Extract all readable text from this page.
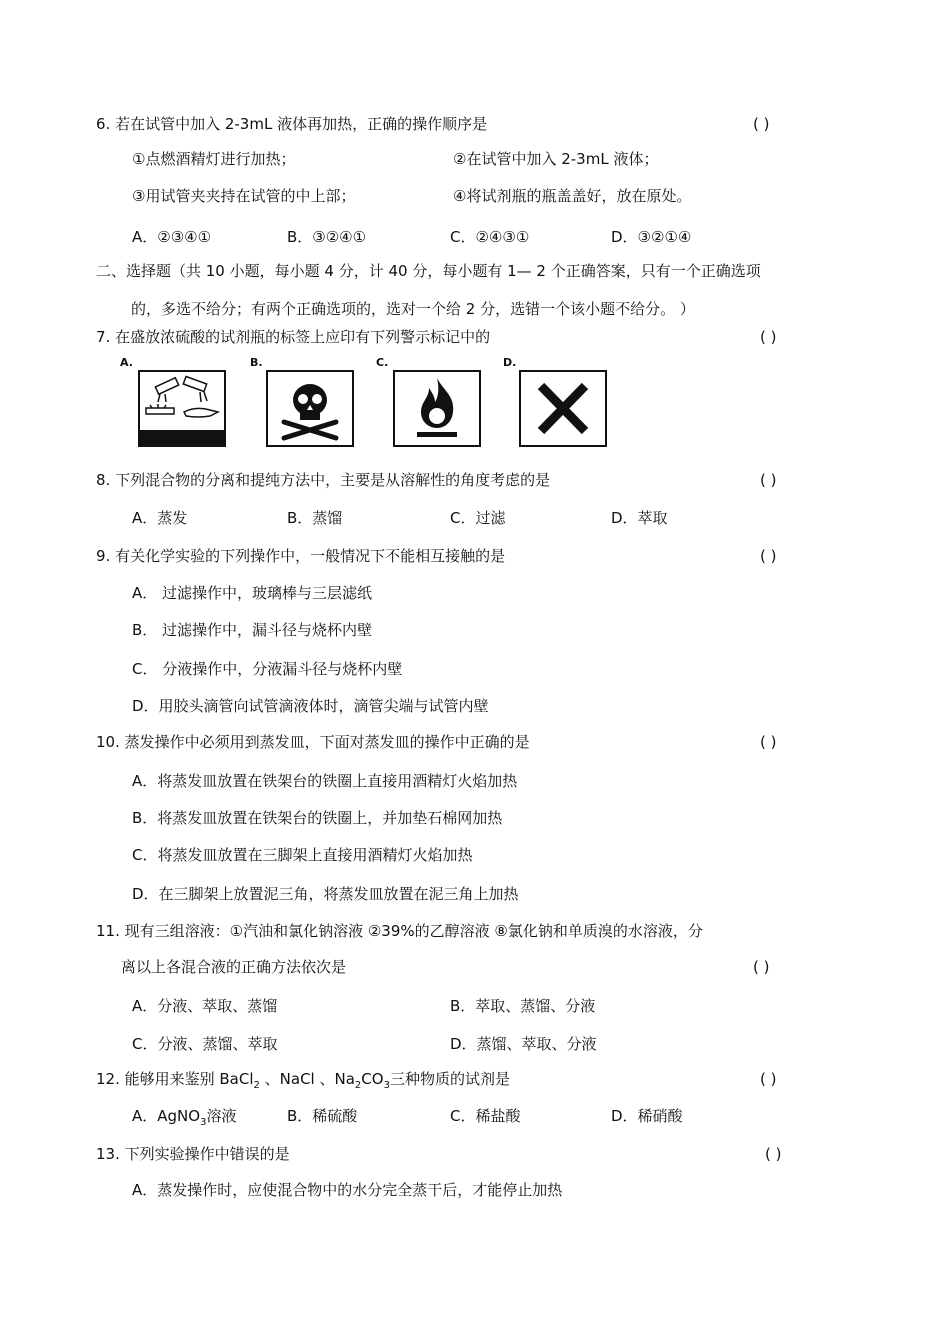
6. 若在试管中加入 2-3mL 液体再加热，正确的操作顺序是	( )
①点燃酒精灯进行加热；	②在试管中加入 2-3mL 液体；
③用试管夹夹持在试管的中上部；	④将试剂瓶的瓶盖盖好，放在原处。
A．②③④①	B．③②④①	C．②④③①	D．③②①④
二、选择题（共 10 小题，每小题 4 分，计 40 分，每小题有 1— 2 个正确答案，只有一个正确选项
的，多选不给分；有两个正确选项的，选对一个给 2 分，选错一个该小题不给分。 ）
7. 在盛放浓硫酸的试剂瓶的标签上应印有下列警示标记中的	( )
A.	B.	C.	D.
8. 下列混合物的分离和提纯方法中，主要是从溶解性的角度考虑的是	( )
A．蒸发	B．蒸馏	C．过滤	D．萃取
9. 有关化学实验的下列操作中，一般情况下不能相互接触的是	( )
A． 过滤操作中，玻璃棒与三层滤纸
B． 过滤操作中，漏斗径与烧杯内壁
C． 分液操作中，分液漏斗径与烧杯内壁
D．用胶头滴管向试管滴液体时，滴管尖端与试管内壁
10. 蒸发操作中必须用到蒸发皿，下面对蒸发皿的操作中正确的是	( )
A．将蒸发皿放置在铁架台的铁圈上直接用酒精灯火焰加热
B．将蒸发皿放置在铁架台的铁圈上，并加垫石棉网加热
C．将蒸发皿放置在三脚架上直接用酒精灯火焰加热
D．在三脚架上放置泥三角，将蒸发皿放置在泥三角上加热
11. 现有三组溶液：①汽油和氯化钠溶液 ②39%的乙醇溶液 ⑧氯化钠和单质溴的水溶液，分
离以上各混合液的正确方法依次是	( )
A．分液、萃取、蒸馏	B．萃取、蒸馏、分液
C．分液、蒸馏、萃取	D．蒸馏、萃取、分液
12. 能够用来鉴别 BaCl$_2$ 、NaCl 、$Na_2CO_3$三种物质的试剂是	( )
A．AgNO$_3$溶液	B．稀硫酸	C．稀盐酸	D．稀硝酸
13. 下列实验操作中错误的是	( )
A．蒸发操作时，应使混合物中的水分完全蒸干后，才能停止加热
